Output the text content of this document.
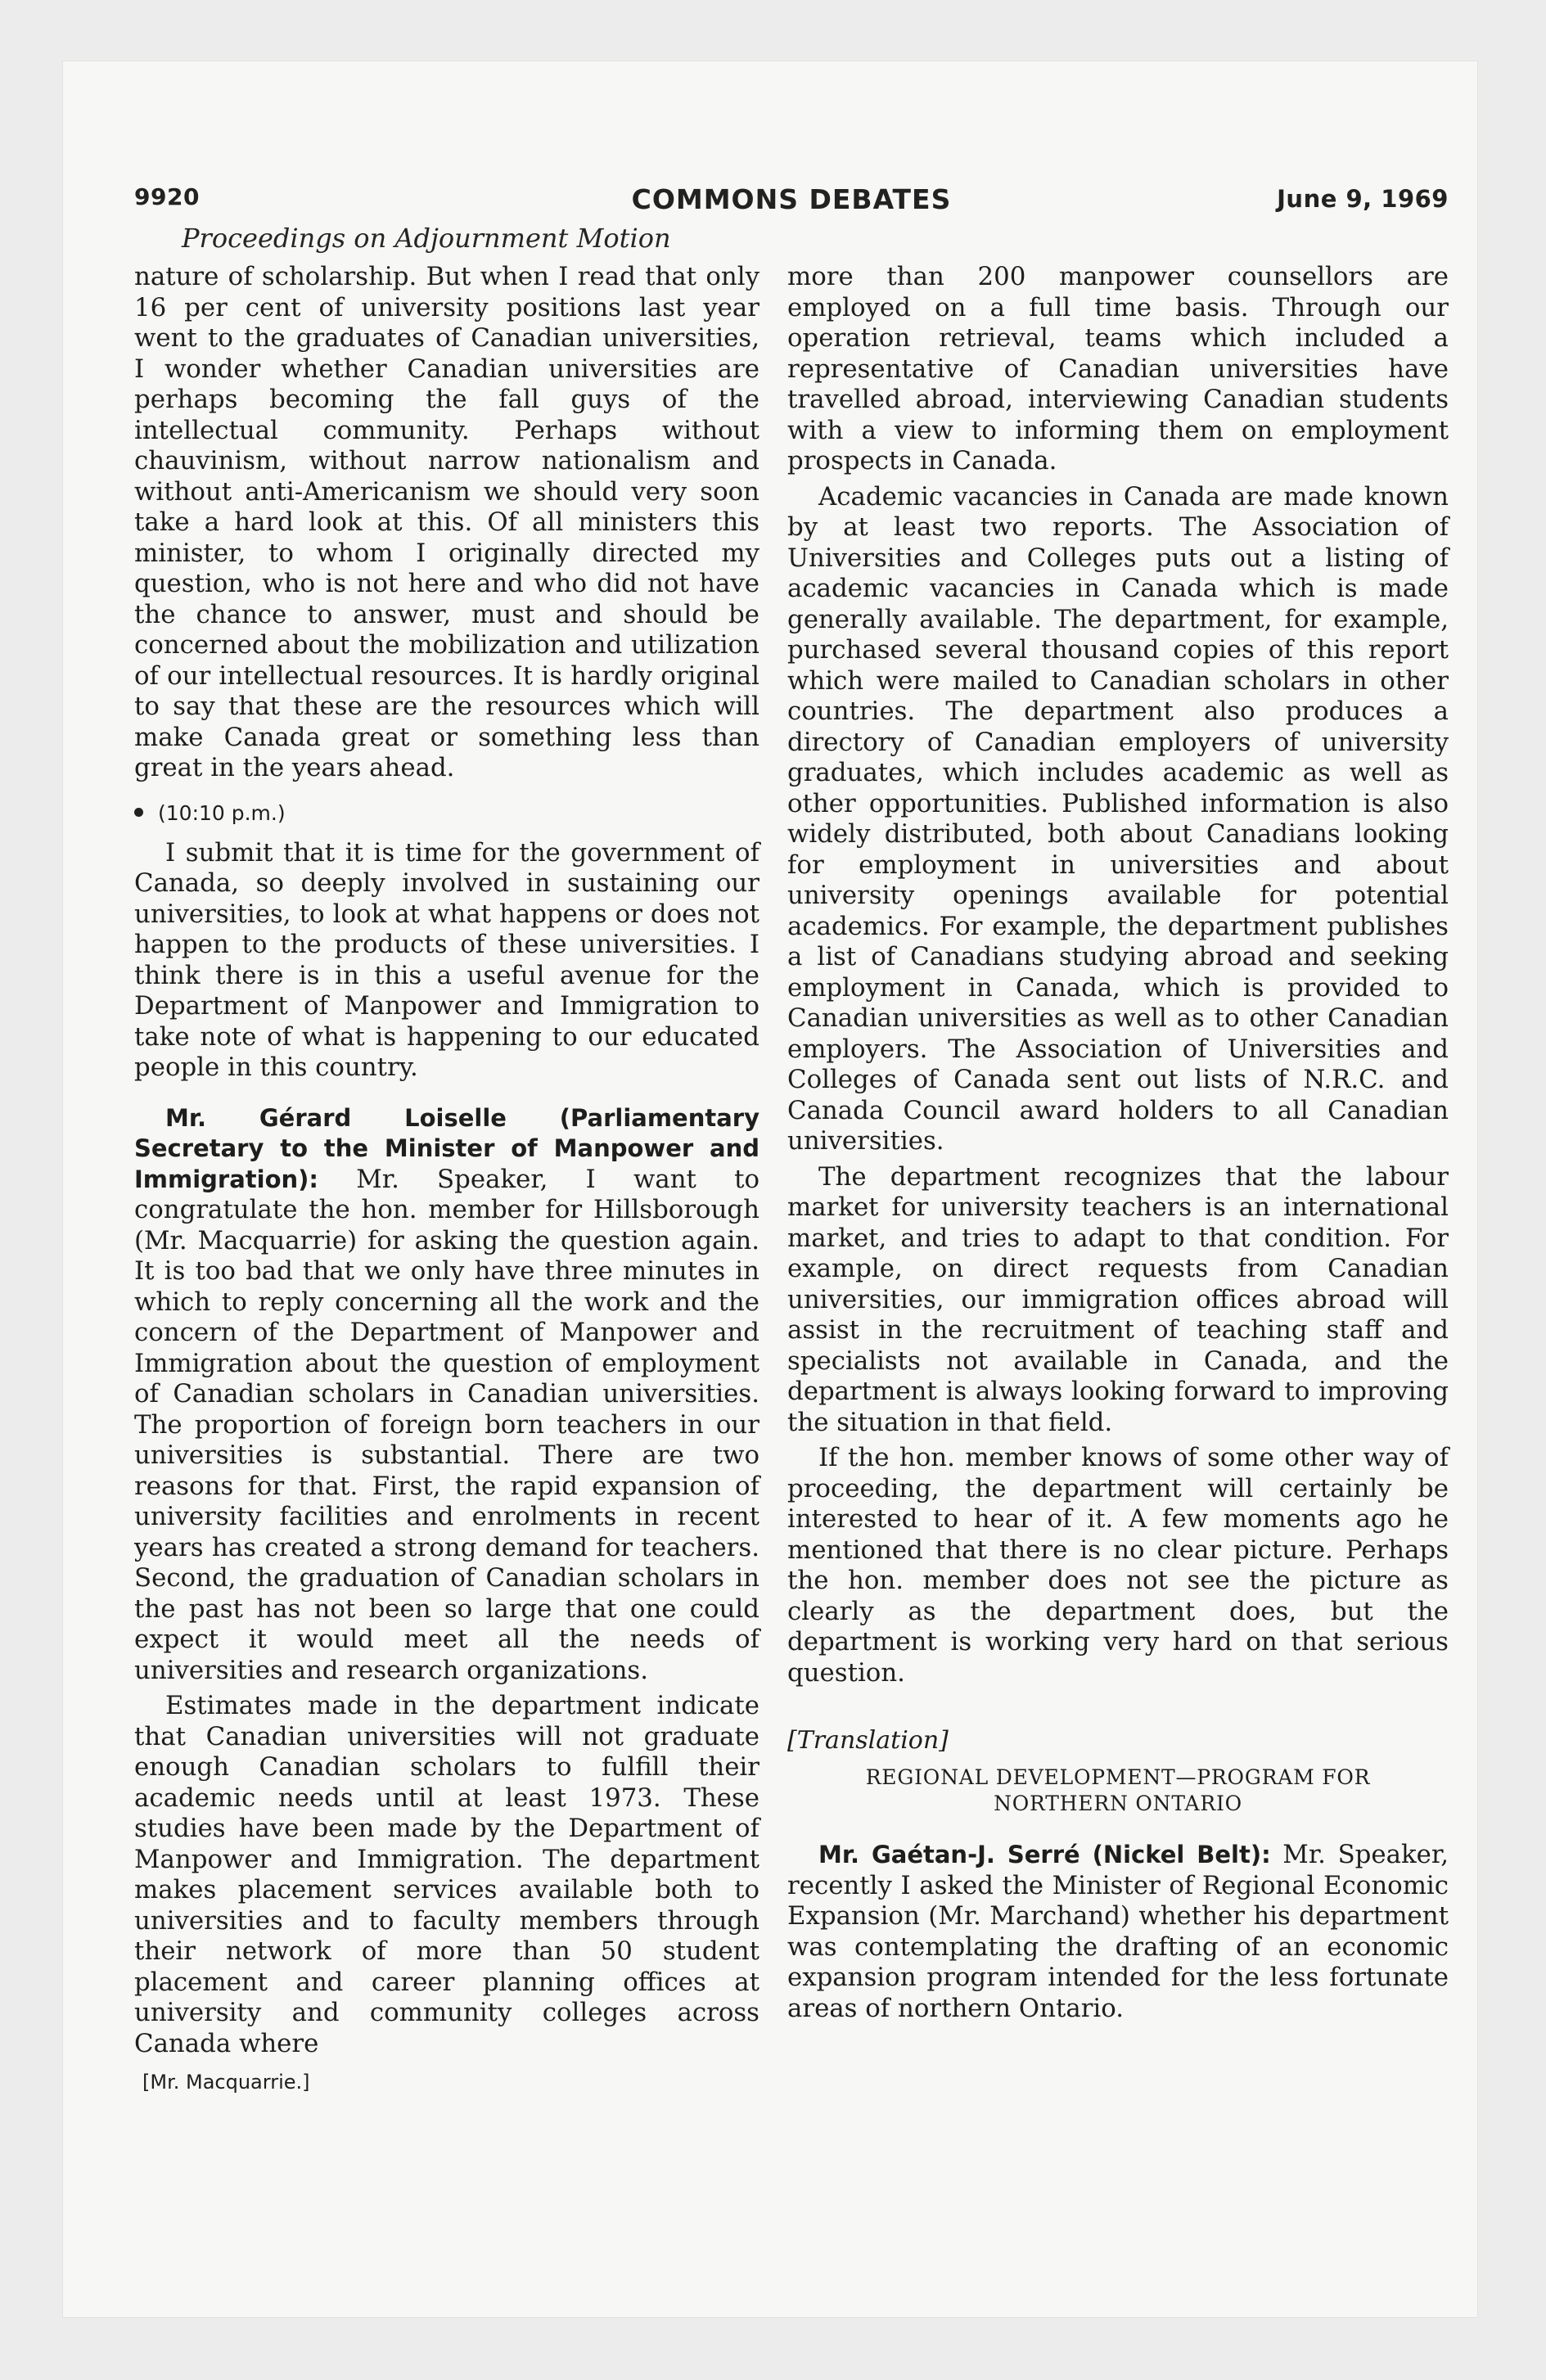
9920	COMMONS DEBATES	June 9, 1969
Proceedings on Adjournment Motion

nature of scholarship. But when I read that only 16 per cent of university positions last year went to the graduates of Canadian universities, I wonder whether Canadian universities are perhaps becoming the fall guys of the intellectual community. Perhaps without chauvinism, without narrow nationalism and without anti-Americanism we should very soon take a hard look at this. Of all ministers this minister, to whom I originally directed my question, who is not here and who did not have the chance to answer, must and should be concerned about the mobilization and utilization of our intellectual resources. It is hardly original to say that these are the resources which will make Canada great or something less than great in the years ahead.

(10:10 p.m.)

I submit that it is time for the government of Canada, so deeply involved in sustaining our universities, to look at what happens or does not happen to the products of these universities. I think there is in this a useful avenue for the Department of Manpower and Immigration to take note of what is happening to our educated people in this country.

Mr. Gérard Loiselle (Parliamentary Secretary to the Minister of Manpower and Immigration): Mr. Speaker, I want to congratulate the hon. member for Hillsborough (Mr. Macquarrie) for asking the question again. It is too bad that we only have three minutes in which to reply concerning all the work and the concern of the Department of Manpower and Immigration about the question of employment of Canadian scholars in Canadian universities. The proportion of foreign born teachers in our universities is substantial. There are two reasons for that. First, the rapid expansion of university facilities and enrolments in recent years has created a strong demand for teachers. Second, the graduation of Canadian scholars in the past has not been so large that one could expect it would meet all the needs of universities and research organizations.

Estimates made in the department indicate that Canadian universities will not graduate enough Canadian scholars to fulfill their academic needs until at least 1973. These studies have been made by the Department of Manpower and Immigration. The department makes placement services available both to universities and to faculty members through their network of more than 50 student placement and career planning offices at university and community colleges across Canada where

[Mr. Macquarrie.]

more than 200 manpower counsellors are employed on a full time basis. Through our operation retrieval, teams which included a representative of Canadian universities have travelled abroad, interviewing Canadian students with a view to informing them on employment prospects in Canada.

Academic vacancies in Canada are made known by at least two reports. The Association of Universities and Colleges puts out a listing of academic vacancies in Canada which is made generally available. The department, for example, purchased several thousand copies of this report which were mailed to Canadian scholars in other countries. The department also produces a directory of Canadian employers of university graduates, which includes academic as well as other opportunities. Published information is also widely distributed, both about Canadians looking for employment in universities and about university openings available for potential academics. For example, the department publishes a list of Canadians studying abroad and seeking employment in Canada, which is provided to Canadian universities as well as to other Canadian employers. The Association of Universities and Colleges of Canada sent out lists of N.R.C. and Canada Council award holders to all Canadian universities.

The department recognizes that the labour market for university teachers is an international market, and tries to adapt to that condition. For example, on direct requests from Canadian universities, our immigration offices abroad will assist in the recruitment of teaching staff and specialists not available in Canada, and the department is always looking forward to improving the situation in that field.

If the hon. member knows of some other way of proceeding, the department will certainly be interested to hear of it. A few moments ago he mentioned that there is no clear picture. Perhaps the hon. member does not see the picture as clearly as the department does, but the department is working very hard on that serious question.

[Translation]
REGIONAL DEVELOPMENT—PROGRAM FOR NORTHERN ONTARIO

Mr. Gaétan-J. Serré (Nickel Belt): Mr. Speaker, recently I asked the Minister of Regional Economic Expansion (Mr. Marchand) whether his department was contemplating the drafting of an economic expansion program intended for the less fortunate areas of northern Ontario.
